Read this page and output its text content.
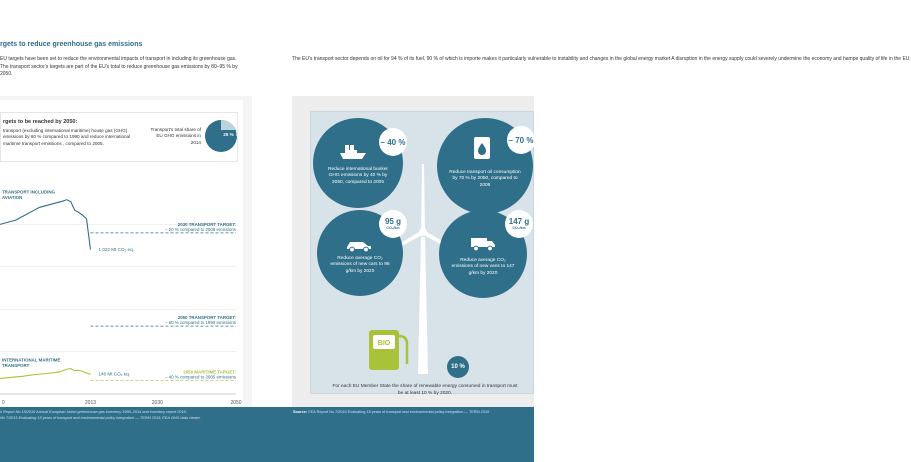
rgets to reduce greenhouse gas emissions
EU targets have been set to reduce the environmental impacts of transport in including its greenhouse gas. The transport sector's targets are part of the EU's total to reduce greenhouse gas emissions by 80–95 % by 2050.
The EU's transport sector depends on oil for 94 % of its fuel, 90 % of which is importe makes it particularly vulnerable to instability and changes in the global energy market A disruption in the energy supply could severely undermine the economy and hampe quality of life in the EU.
rgets to be reached by 2050:
transport (excluding international maritime) house gas (GHG) emissions by 60 % compared to 1990 and reduce international maritime transport emissions , compared to 2005.
Transport's total share of EU GHG emissions in 2014
25 %
0	2013	2030	2050
TRANSPORT INCLUDING
AVIATION
INTERNATIONAL MARITIME
TRANSPORT
1 022 Mt CO₂ eq.
140 Mt CO₂ eq.
2030 TRANSPORT TARGET:
– 20 % compared to 2008 emissions
2050 TRANSPORT TARGET:
– 60 % compared to 1990 emissions
2050 MARITIME TARGET:
– 40 % compared to 2005 emissions
BIO
– 40 %
Reduce international bunker GHG emissions by 40 % by 2050, compared to 2005
– 70 %
Reduce transport oil consumption by 70 % by 2050, compared to 2008
95 g
CO₂/km
Reduce average CO₂ emissions of new cars to 95 g/km by 2020
147 g
CO₂/km
Reduce average CO₂ emissions of new vans to 147 g/km by 2020
10 %
For each EU Member State the share of renewable energy consumed in transport must be at least 10 % by 2020.
h Report No 15/2016 Annual European Union greenhouse gas inventory 1990–2014 and inventory report 2016;
No 7/2015 Evaluating 15 years of transport and environmental policy integration — TERM 2015; EEA GHG data viewer.
Source: EEA Report No 7/2015 Evaluating 15 years of transport and environmental policy integration — TERM 2015
